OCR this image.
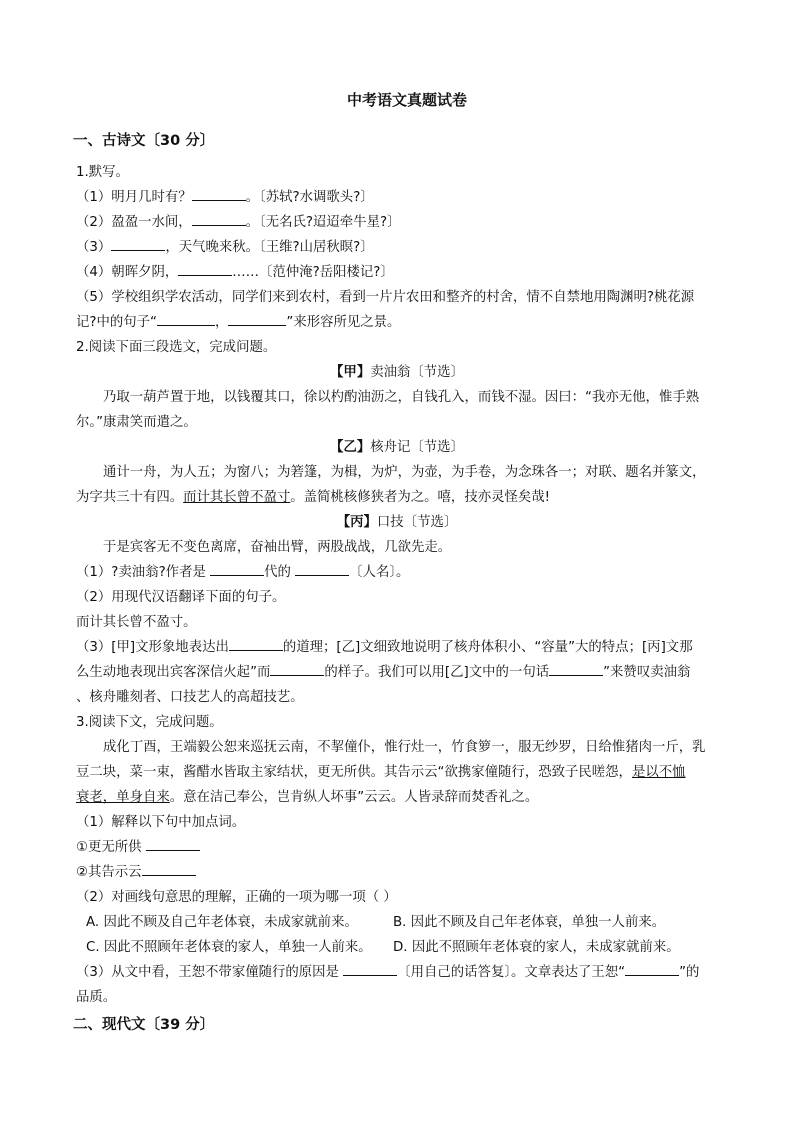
中考语文真题试卷
一、古诗文〔30 分〕
1.默写。
（1）明月几时有？	。〔苏轼?水调歌头?〕
（2）盈盈一水间，	。〔无名氏?迢迢牵牛星?〕
（3）	，天气晚来秋。〔王维?山居秋暝?〕
（4）朝晖夕阴，	……〔范仲淹?岳阳楼记?〕
（5）学校组织学农活动，同学们来到农村，看到一片片农田和整齐的村舍，情不自禁地用陶渊明?桃花源
记?中的句子“	，	”来形容所见之景。
2.阅读下面三段选文，完成问题。
【甲】卖油翁〔节选〕
乃取一葫芦置于地，以钱覆其口，徐以杓酌油沥之，自钱孔入，而钱不湿。因曰：“我亦无他，惟手熟
尔。”康肃笑而遣之。
【乙】核舟记〔节选〕
通计一舟，为人五；为窗八；为箬篷，为楫，为炉，为壶，为手卷，为念珠各一；对联、题名并篆文，
为字共三十有四。而计其长曾不盈寸。盖简桃核修狭者为之。嘻，技亦灵怪矣哉!
【丙】口技〔节选〕
于是宾客无不变色离席，奋袖出臂，两股战战，几欲先走。
（1）?卖油翁?作者是	代的	〔人名〕。
（2）用现代汉语翻译下面的句子。
而计其长曾不盈寸。
（3）[甲]文形象地表达出	的道理；[乙]文细致地说明了核舟体积小、“容量”大的特点；[丙]文那
么生动地表现出宾客深信火起”而	的样子。我们可以用[乙]文中的一句话	”来赞叹卖油翁
、核舟雕刻者、口技艺人的高超技艺。
3.阅读下文，完成问题。
成化丁酉，王端毅公恕来巡抚云南，不挈僮仆，惟行灶一，竹食箩一，服无纱罗，日给惟猪肉一斤，乳
豆二块，菜一束，酱醋水皆取主家结状，更无所供。其告示云“欲携家僮随行，恐致子民嗟怨，是以不恤
衰老，单身自来。意在洁己奉公，岂肯纵人坏事”云云。人皆录辞而焚香礼之。
（1）解释以下句中加点词。
①更无所供
②其告示云
（2）对画线句意思的理解，正确的一项为哪一项（ ）
A. 因此不顾及自己年老体衰，未成家就前来。	B. 因此不顾及自己年老体衰，单独一人前来。
C. 因此不照顾年老体衰的家人，单独一人前来。	D. 因此不照顾年老体衰的家人，未成家就前来。
（3）从文中看，王恕不带家僮随行的原因是	〔用自己的话答复〕。文章表达了王恕“	”的
品质。
二、现代文〔39 分〕
